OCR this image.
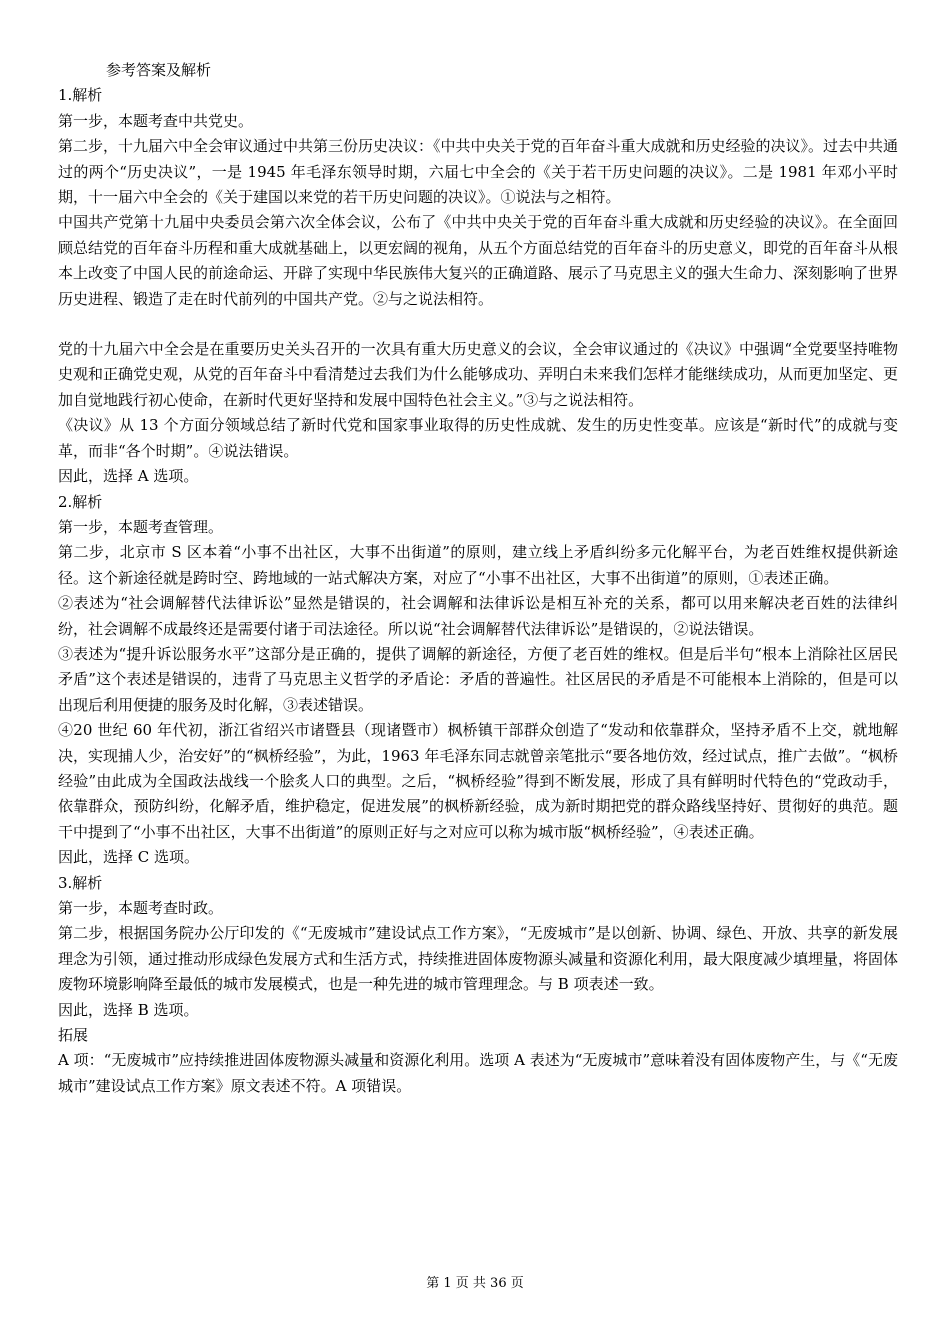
参考答案及解析

1.解析

第一步，本题考查中共党史。

第二步，十九届六中全会审议通过中共第三份历史决议：《中共中央关于党的百年奋斗重大成就和历史经验的决议》。过去中共通过的两个“历史决议”，一是 1945 年毛泽东领导时期，六届七中全会的《关于若干历史问题的决议》。二是 1981 年邓小平时期，十一届六中全会的《关于建国以来党的若干历史问题的决议》。①说法与之相符。

中国共产党第十九届中央委员会第六次全体会议，公布了《中共中央关于党的百年奋斗重大成就和历史经验的决议》。在全面回顾总结党的百年奋斗历程和重大成就基础上，以更宏阔的视角，从五个方面总结党的百年奋斗的历史意义，即党的百年奋斗从根本上改变了中国人民的前途命运、开辟了实现中华民族伟大复兴的正确道路、展示了马克思主义的强大生命力、深刻影响了世界历史进程、锻造了走在时代前列的中国共产党。②与之说法相符。

党的十九届六中全会是在重要历史关头召开的一次具有重大历史意义的会议，全会审议通过的《决议》中强调“全党要坚持唯物史观和正确党史观，从党的百年奋斗中看清楚过去我们为什么能够成功、弄明白未来我们怎样才能继续成功，从而更加坚定、更加自觉地践行初心使命，在新时代更好坚持和发展中国特色社会主义。”③与之说法相符。

《决议》从 13 个方面分领域总结了新时代党和国家事业取得的历史性成就、发生的历史性变革。应该是“新时代”的成就与变革，而非“各个时期”。④说法错误。

因此，选择 A 选项。

2.解析

第一步，本题考查管理。

第二步，北京市 S 区本着“小事不出社区，大事不出街道”的原则，建立线上矛盾纠纷多元化解平台，为老百姓维权提供新途径。这个新途径就是跨时空、跨地域的一站式解决方案，对应了“小事不出社区，大事不出街道”的原则，①表述正确。

②表述为“社会调解替代法律诉讼”显然是错误的，社会调解和法律诉讼是相互补充的关系，都可以用来解决老百姓的法律纠纷，社会调解不成最终还是需要付诸于司法途径。所以说“社会调解替代法律诉讼”是错误的，②说法错误。

③表述为“提升诉讼服务水平”这部分是正确的，提供了调解的新途径，方便了老百姓的维权。但是后半句“根本上消除社区居民矛盾”这个表述是错误的，违背了马克思主义哲学的矛盾论：矛盾的普遍性。社区居民的矛盾是不可能根本上消除的，但是可以出现后利用便捷的服务及时化解，③表述错误。

④20 世纪 60 年代初，浙江省绍兴市诸暨县（现诸暨市）枫桥镇干部群众创造了“发动和依靠群众，坚持矛盾不上交，就地解决，实现捕人少，治安好”的“枫桥经验”，为此，1963 年毛泽东同志就曾亲笔批示“要各地仿效，经过试点，推广去做”。“枫桥经验”由此成为全国政法战线一个脍炙人口的典型。之后，“枫桥经验”得到不断发展，形成了具有鲜明时代特色的“党政动手，依靠群众，预防纠纷，化解矛盾，维护稳定，促进发展”的枫桥新经验，成为新时期把党的群众路线坚持好、贯彻好的典范。题干中提到了“小事不出社区，大事不出街道”的原则正好与之对应可以称为城市版“枫桥经验”，④表述正确。

因此，选择 C 选项。

3.解析

第一步，本题考查时政。

第二步，根据国务院办公厅印发的《“无废城市”建设试点工作方案》，“无废城市”是以创新、协调、绿色、开放、共享的新发展理念为引领，通过推动形成绿色发展方式和生活方式，持续推进固体废物源头减量和资源化利用，最大限度减少填埋量，将固体废物环境影响降至最低的城市发展模式，也是一种先进的城市管理理念。与 B 项表述一致。

因此，选择 B 选项。

拓展

A 项：“无废城市”应持续推进固体废物源头减量和资源化利用。选项 A 表述为“无废城市”意味着没有固体废物产生，与《“无废城市”建设试点工作方案》原文表述不符。A 项错误。

第 1 页 共 36 页
